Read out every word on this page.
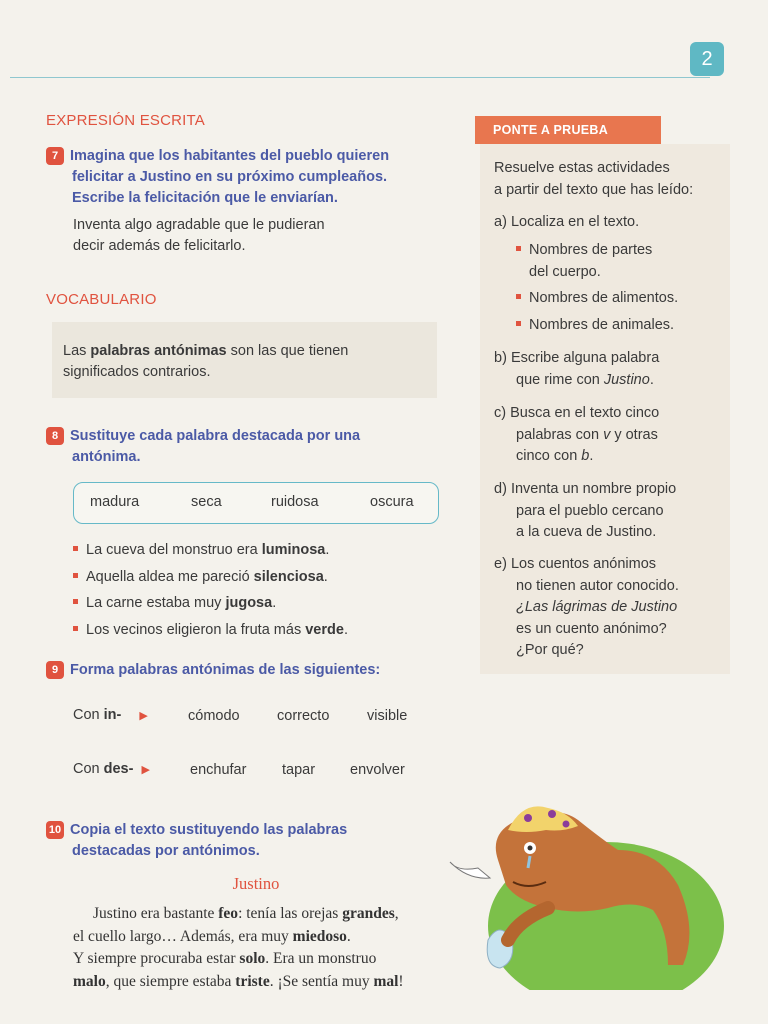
2
EXPRESIÓN ESCRITA
7 Imagina que los habitantes del pueblo quieren
felicitar a Justino en su próximo cumpleaños.
Escribe la felicitación que le enviarían.
Inventa algo agradable que le pudieran
decir además de felicitarlo.
VOCABULARIO
Las palabras antónimas son las que tienen
significados contrarios.
8 Sustituye cada palabra destacada por una
antónima.
madura	seca	ruidosa	oscura
La cueva del monstruo era luminosa.
Aquella aldea me pareció silenciosa.
La carne estaba muy jugosa.
Los vecinos eligieron la fruta más verde.
9 Forma palabras antónimas de las siguientes:
Con in- ▶	cómodo	correcto	visible
Con des- ▶	enchufar tapar envolver
10 Copia el texto sustituyendo las palabras
destacadas por antónimos.
Justino
Justino era bastante feo: tenía las orejas grandes,
el cuello largo… Además, era muy miedoso.
Y siempre procuraba estar solo. Era un monstruo
malo, que siempre estaba triste. ¡Se sentía muy mal!
PONTE A PRUEBA
Resuelve estas actividades
a partir del texto que has leído:
a) Localiza en el texto.
Nombres de partes
del cuerpo.
Nombres de alimentos.
Nombres de animales.
b) Escribe alguna palabra
que rime con Justino.
c) Busca en el texto cinco
palabras con v y otras
cinco con b.
d) Inventa un nombre propio
para el pueblo cercano
a la cueva de Justino.
e) Los cuentos anónimos
no tienen autor conocido.
¿Las lágrimas de Justino
es un cuento anónimo?
¿Por qué?
